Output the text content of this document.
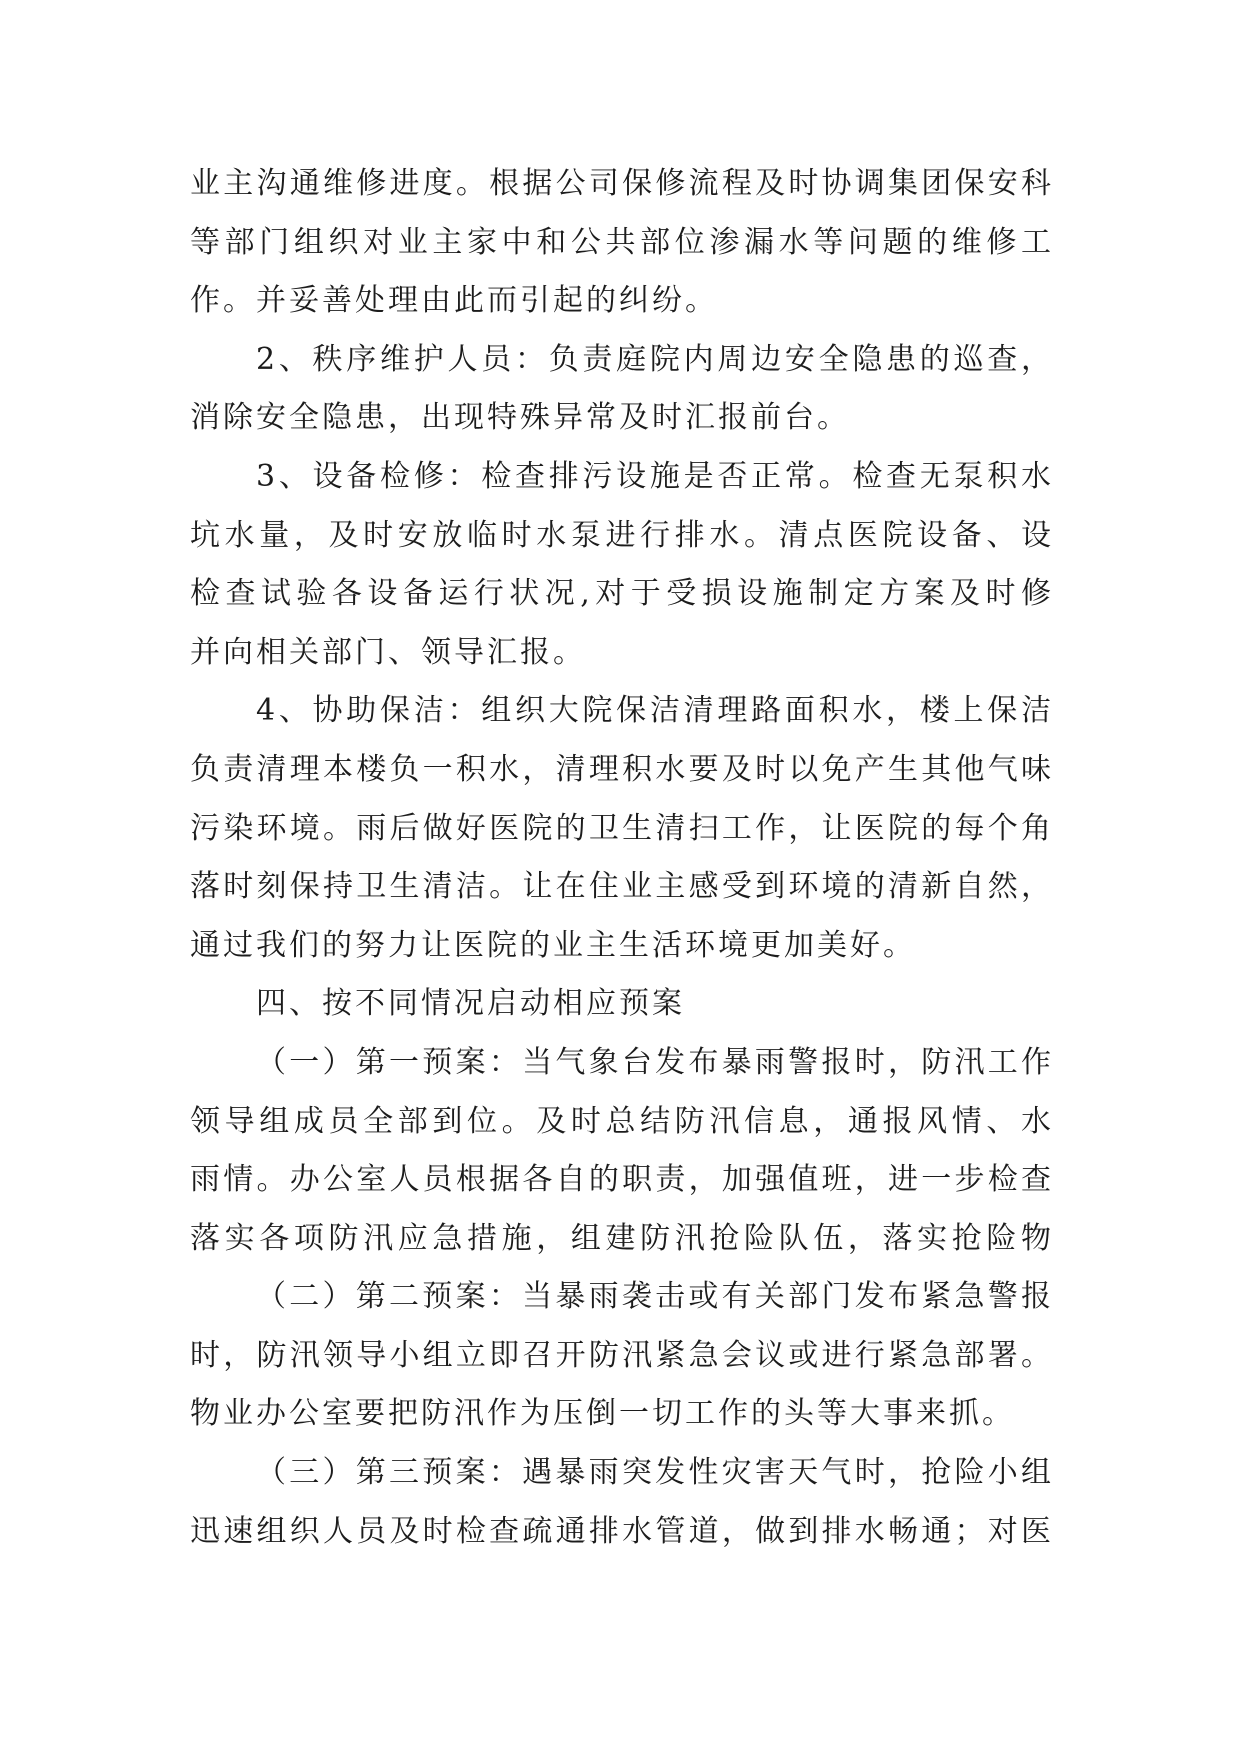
业主沟通维修进度。根据公司保修流程及时协调集团保安科
等部门组织对业主家中和公共部位渗漏水等问题的维修工
作。并妥善处理由此而引起的纠纷。
2、秩序维护人员：负责庭院内周边安全隐患的巡查，
消除安全隐患，出现特殊异常及时汇报前台。
3、设备检修：检查排污设施是否正常。检查无泵积水
坑水量，及时安放临时水泵进行排水。清点医院设备、设
检查试验各设备运行状况,对于受损设施制定方案及时修
并向相关部门、领导汇报。
4、协助保洁：组织大院保洁清理路面积水，楼上保洁
负责清理本楼负一积水，清理积水要及时以免产生其他气味
污染环境。雨后做好医院的卫生清扫工作，让医院的每个角
落时刻保持卫生清洁。让在住业主感受到环境的清新自然，
通过我们的努力让医院的业主生活环境更加美好。
四、按不同情况启动相应预案
（一）第一预案：当气象台发布暴雨警报时，防汛工作
领导组成员全部到位。及时总结防汛信息，通报风情、水
雨情。办公室人员根据各自的职责，加强值班，进一步检查
落实各项防汛应急措施，组建防汛抢险队伍，落实抢险物
（二）第二预案：当暴雨袭击或有关部门发布紧急警报
时，防汛领导小组立即召开防汛紧急会议或进行紧急部署。
物业办公室要把防汛作为压倒一切工作的头等大事来抓。
（三）第三预案：遇暴雨突发性灾害天气时，抢险小组
迅速组织人员及时检查疏通排水管道，做到排水畅通；对医
